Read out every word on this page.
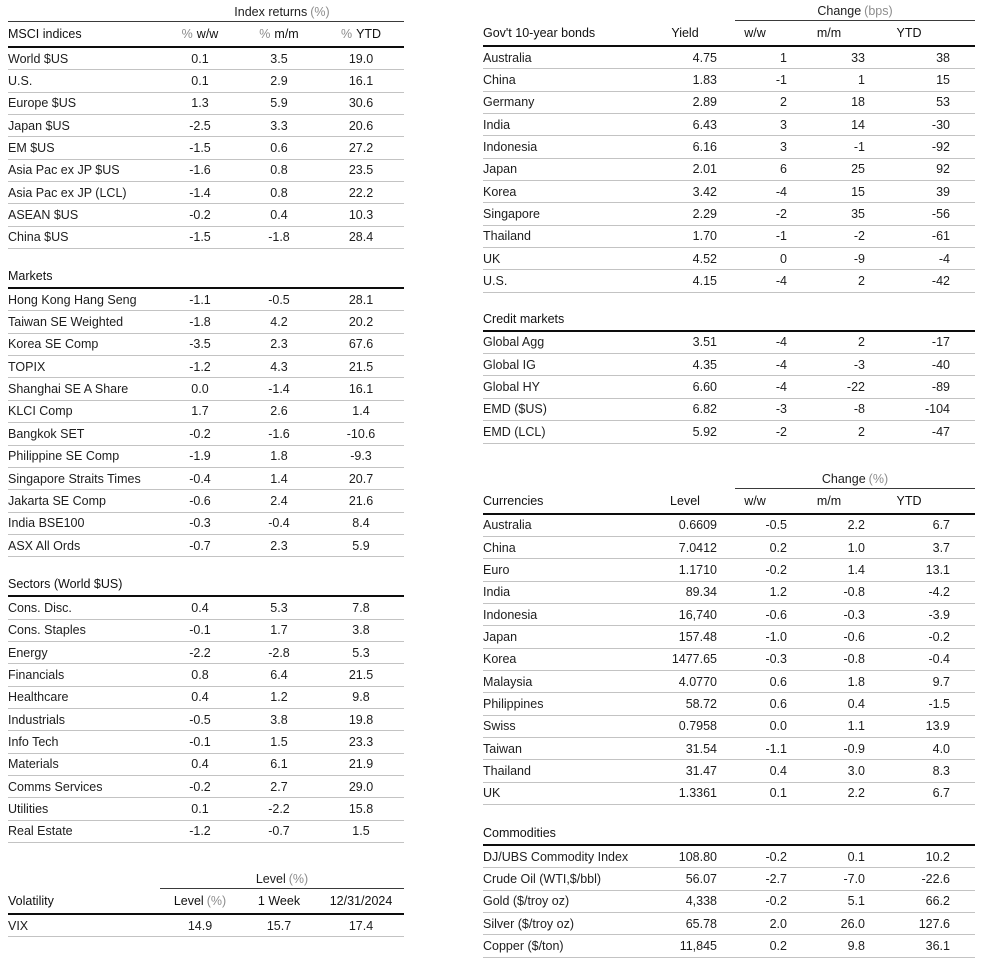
	Index returns (%)		
MSCI indices	% w/w	% m/m	% YTD
World $US	0.1	3.5	19.0
U.S.	0.1	2.9	16.1
Europe $US	1.3	5.9	30.6
Japan $US	-2.5	3.3	20.6
EM $US	-1.5	0.6	27.2
Asia Pac ex JP $US	-1.6	0.8	23.5
Asia Pac ex JP (LCL)	-1.4	0.8	22.2
ASEAN $US	-0.2	0.4	10.3
China $US	-1.5	-1.8	28.4
Markets
Hong Kong Hang Seng	-1.1	-0.5	28.1
Taiwan SE Weighted	-1.8	4.2	20.2
Korea SE Comp	-3.5	2.3	67.6
TOPIX	-1.2	4.3	21.5
Shanghai SE A Share	0.0	-1.4	16.1
KLCI Comp	1.7	2.6	1.4
Bangkok SET	-0.2	-1.6	-10.6
Philippine SE Comp	-1.9	1.8	-9.3
Singapore Straits Times	-0.4	1.4	20.7
Jakarta SE Comp	-0.6	2.4	21.6
India BSE100	-0.3	-0.4	8.4
ASX All Ords	-0.7	2.3	5.9
Sectors (World $US)
Cons. Disc.	0.4	5.3	7.8
Cons. Staples	-0.1	1.7	3.8
Energy	-2.2	-2.8	5.3
Financials	0.8	6.4	21.5
Healthcare	0.4	1.2	9.8
Industrials	-0.5	3.8	19.8
Info Tech	-0.1	1.5	23.3
Materials	0.4	6.1	21.9
Comms Services	-0.2	2.7	29.0
Utilities	0.1	-2.2	15.8
Real Estate	-1.2	-0.7	1.5
	Level (%)		
Volatility	Level (%)	1 Week	12/31/2024
VIX	14.9	15.7	17.4

		Change (bps)		

Gov't 10-year bonds	Yield	w/w	m/m	YTD
Australia	4.75	1	33	38
China	1.83	-1	1	15
Germany	2.89	2	18	53
India	6.43	3	14	-30
Indonesia	6.16	3	-1	-92
Japan	2.01	6	25	92
Korea	3.42	-4	15	39
Singapore	2.29	-2	35	-56
Thailand	1.70	-1	-2	-61
UK	4.52	0	-9	-4
U.S.	4.15	-4	2	-42
Credit markets
Global Agg	3.51	-4	2	-17
Global IG	4.35	-4	-3	-40
Global HY	6.60	-4	-22	-89
EMD ($US)	6.82	-3	-8	-104
EMD (LCL)	5.92	-2	2	-47

		Change (%)		

Currencies	Level	w/w	m/m	YTD
Australia	0.6609	-0.5	2.2	6.7
China	7.0412	0.2	1.0	3.7
Euro	1.1710	-0.2	1.4	13.1
India	89.34	1.2	-0.8	-4.2
Indonesia	16,740	-0.6	-0.3	-3.9
Japan	157.48	-1.0	-0.6	-0.2
Korea	1477.65	-0.3	-0.8	-0.4
Malaysia	4.0770	0.6	1.8	9.7
Philippines	58.72	0.6	0.4	-1.5
Swiss	0.7958	0.0	1.1	13.9
Taiwan	31.54	-1.1	-0.9	4.0
Thailand	31.47	0.4	3.0	8.3
UK	1.3361	0.1	2.2	6.7
Commodities
DJ/UBS Commodity Index	108.80	-0.2	0.1	10.2
Crude Oil (WTI,$/bbl)	56.07	-2.7	-7.0	-22.6
Gold ($/troy oz)	4,338	-0.2	5.1	66.2
Silver ($/troy oz)	65.78	2.0	26.0	127.6
Copper ($/ton)	11,845	0.2	9.8	36.1
